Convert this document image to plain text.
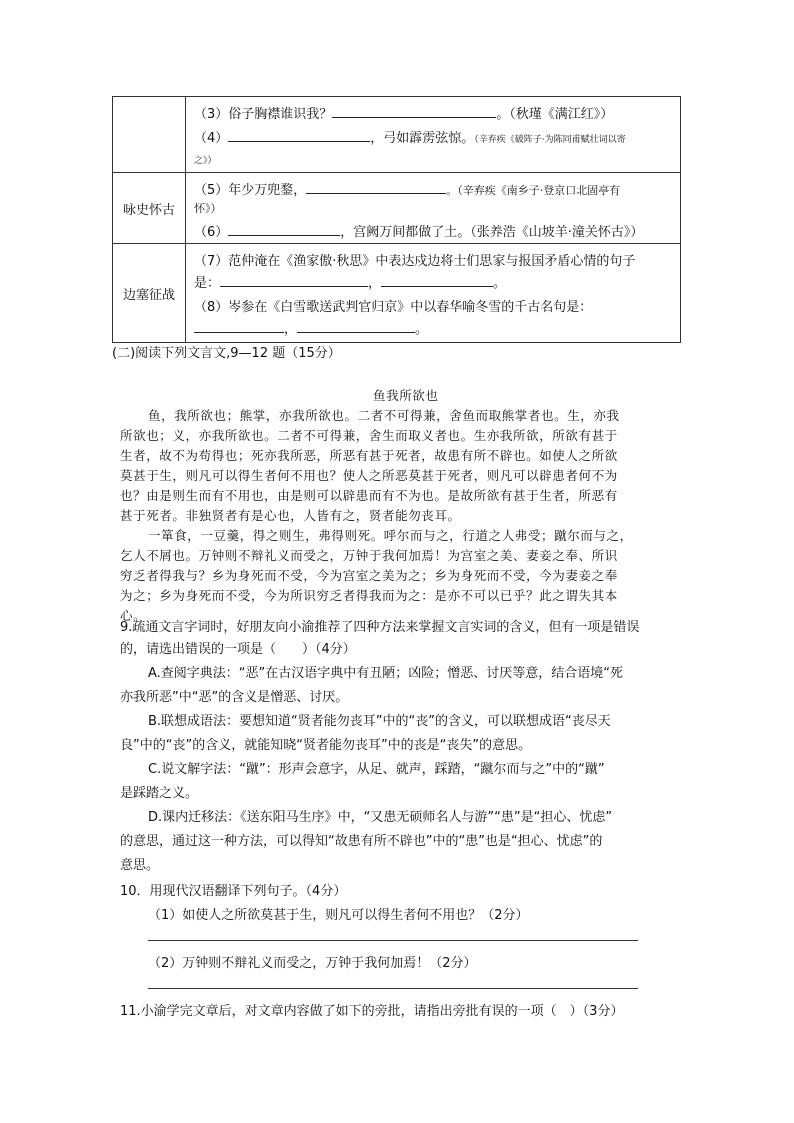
	（3）俗子胸襟谁识我？ 。（秋瑾《满江红》）
（4） ，弓如霹雳弦惊。（辛弃疾《破阵子·为陈同甫赋壮词以寄
之》）

咏史怀古	（5）年少万兜鍪， 。（辛弃疾《南乡子·登京口北固亭有
怀》）
（6） ，宫阙万间都做了土。（张养浩《山坡羊·潼关怀古》）

边塞征战	（7）范仲淹在《渔家傲·秋思》中表达戍边将士们思家与报国矛盾心情的句子
是： ， 。
（8）岑参在《白雪歌送武判官归京》中以春华喻冬雪的千古名句是：
， 。
(二)阅读下列文言文,9—12 题（15分）
鱼我所欲也
鱼，我所欲也；熊掌，亦我所欲也。二者不可得兼，舍鱼而取熊掌者也。生，亦我
所欲也；义，亦我所欲也。二者不可得兼，舍生而取义者也。生亦我所欲，所欲有甚于
生者，故不为苟得也；死亦我所恶，所恶有甚于死者，故患有所不辟也。如使人之所欲
莫甚于生，则凡可以得生者何不用也？使人之所恶莫甚于死者，则凡可以辟患者何不为
也？由是则生而有不用也，由是则可以辟患而有不为也。是故所欲有甚于生者，所恶有
甚于死者。非独贤者有是心也，人皆有之，贤者能勿丧耳。
一箪食，一豆羹，得之则生，弗得则死。呼尔而与之，行道之人弗受；蹴尔而与之，
乞人不屑也。万钟则不辩礼义而受之，万钟于我何加焉！为宫室之美、妻妾之奉、所识
穷乏者得我与？乡为身死而不受，今为宫室之美为之；乡为身死而不受，今为妻妾之奉
为之；乡为身死而不受，今为所识穷乏者得我而为之：是亦不可以已乎？此之谓失其本
心。
9.疏通文言字词时，好朋友向小渝推荐了四种方法来掌握文言实词的含义，但有一项是错误
的，请选出错误的一项是（　　）（4分）
A.查阅字典法：“恶”在古汉语字典中有丑陋；凶险；憎恶、讨厌等意，结合语境“死
亦我所恶”中“恶”的含义是憎恶、讨厌。
B.联想成语法：要想知道“贤者能勿丧耳”中的“丧”的含义，可以联想成语“丧尽天
良”中的“丧”的含义，就能知晓“贤者能勿丧耳”中的丧是“丧失”的意思。
C.说文解字法：“蹴”：形声会意字，从足、就声，踩踏，“蹴尔而与之”中的“蹴”
是踩踏之义。
D.课内迁移法：《送东阳马生序》中，“又患无硕师名人与游”“患”是“担心、忧虑”
的意思，通过这一种方法，可以得知“故患有所不辟也”中的“患”也是“担心、忧虑”的
意思。
10．用现代汉语翻译下列句子。（4分）
（1）如使人之所欲莫甚于生，则凡可以得生者何不用也？（2分）
（2）万钟则不辩礼义而受之，万钟于我何加焉！（2分）
11.小渝学完文章后，对文章内容做了如下的旁批，请指出旁批有误的一项（　）（3分）
